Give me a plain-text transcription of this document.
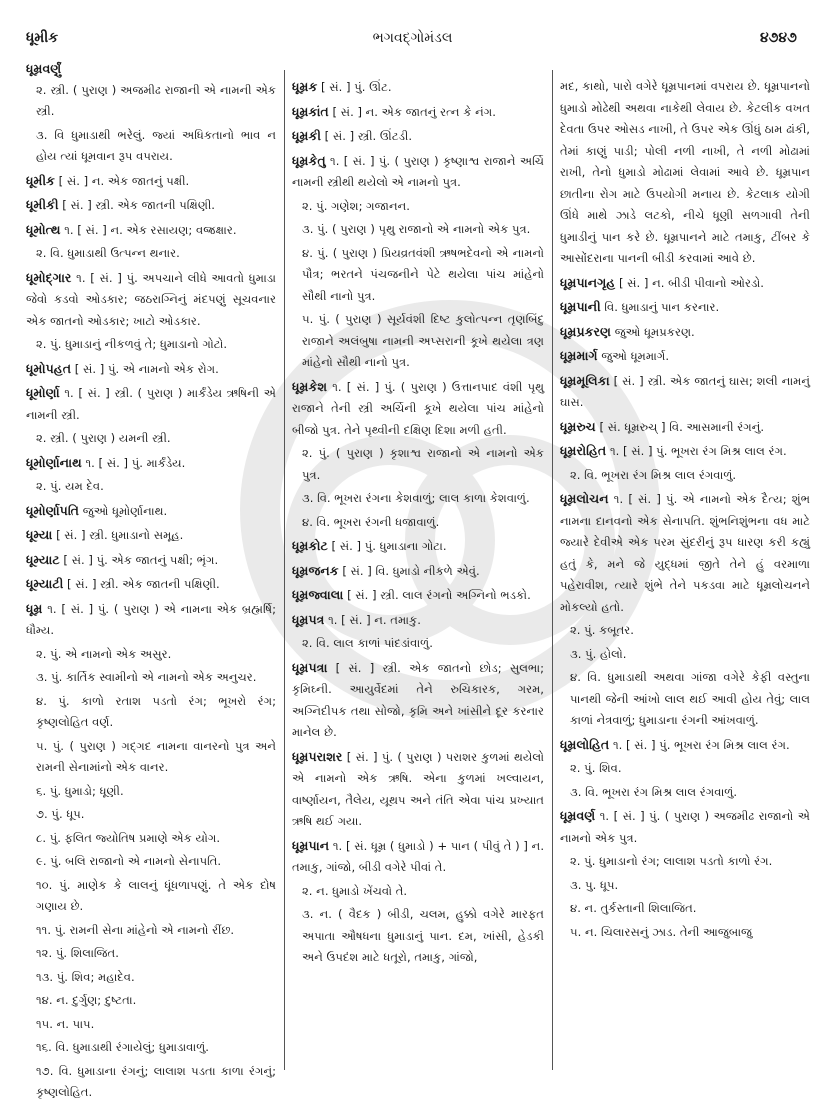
ધૂમીક	ભગવદ્ગોમંડલ	૪૭૪૭
ધૂમ્રવર્ણું
૨. સ્ત્રી. ( પુરાણ ) અજમીઢ રાજાની એ નામની એક સ્ત્રી.
૩. વિ ધુમાડાથી ભરેલું. જ્યાં અધિકતાનો ભાવ ન હોય ત્યાં ધૂમવાન રૂપ વપરાય.
ધૂમીક [ સં. ] ન. એક જાતનું પક્ષી.
ધૂમીકી [ સં. ] સ્ત્રી. એક જાતની પક્ષિણી.
ધૂમોત્થ ૧. [ સં. ] ન. એક રસાયણ; વજ્રક્ષાર.
૨. વિ. ધુમાડાથી ઉત્પન્ન થનાર.
ધૂમોદ્ગાર ૧. [ સં. ] પું. અપચાને લીધે આવતો ધુમાડા જેવો કડવો ઓડકાર; જઠરાગ્નિનું મંદપણું સૂચવનાર એક જાતનો ઓડકાર; ખાટો ઓડકાર.
૨. પું. ધુમાડાનું નીકળવું તે; ધુમાડાનો ગોટો.
ધૂમોપહત [ સં. ] પું. એ નામનો એક રોગ.
ધૂમોર્ણા ૧. [ સં. ] સ્ત્રી. ( પુરાણ ) માર્કંડેય ઋષિની એ નામની સ્ત્રી.
૨. સ્ત્રી. ( પુરાણ ) યમની સ્ત્રી.
ધૂમોર્ણાનાથ ૧. [ સં. ] પું. માર્કંડેય.
૨. પું. યમ દેવ.
ધૂમોર્ણાપતિ જુઓ ધૂમોર્ણાનાથ.
ધૂમ્યા [ સં. ] સ્ત્રી. ધુમાડાનો સમૂહ.
ધૂમ્યાટ [ સં. ] પું. એક જાતનું પક્ષી; ભૃંગ.
ધૂમ્યાટી [ સં. ] સ્ત્રી. એક જાતની પક્ષિણી.
ધૂમ્ર ૧. [ સં. ] પું. ( પુરાણ ) એ નામના એક બ્રહ્મર્ષિ; ધૌમ્ય.
૨. પું. એ નામનો એક અસુર.
૩. પું. કાર્તિક સ્વામીનો એ નામનો એક અનુચર.
૪. પું. કાળો રતાશ પડતો રંગ; ભૂખરો રંગ; કૃષ્ણલોહિત વર્ણ.
૫. પું. ( પુરાણ ) ગદ્ગદ નામના વાનરનો પુત્ર અને રામની સેનામાંનો એક વાનર.
૬. પું. ધુમાડો; ધૂણી.
૭. પું. ધૂપ.
૮. પું. ફલિત જ્યોતિષ પ્રમાણે એક યોગ.
૯. પું. બલિ રાજાનો એ નામનો સેનાપતિ.
૧૦. પું. માણેક કે લાલનું ધૂંધળાપણું. તે એક દોષ ગણાય છે.
૧૧. પું. રામની સેના માંહેનો એ નામનો રીંછ.
૧૨. પું. શિલાજિત.
૧૩. પું. શિવ; મહાદેવ.
૧૪. ન. દુર્ગુણ; દુષ્ટતા.
૧૫. ન. પાપ.
૧૬. વિ. ધુમાડાથી રંગાયેલું; ધુમાડાવાળું.
૧૭. વિ. ધુમાડાના રંગનું; લાલાશ પડતા કાળા રંગનું; કૃષ્ણલોહિત.
ધૂમ્રક [ સં. ] પું. ઊંટ.
ધૂમ્રકાંત [ સં. ] ન. એક જાતનું રત્ન કે નંગ.
ધૂમ્રકી [ સં. ] સ્ત્રી. ઊંટડી.
ધૂમ્રકેતુ ૧. [ સં. ] પું. ( પુરાણ ) કૃષ્ણાશ્વ રાજાને અર્ચિ નામની સ્ત્રીથી થયેલો એ નામનો પુત્ર.
૨. પું. ગણેશ; ગજાનન.
૩. પું. ( પુરાણ ) પૃથુ રાજાનો એ નામનો એક પુત્ર.
૪. પું. ( પુરાણ ) પ્રિયવ્રતવંશી ઋષભદેવનો એ નામનો પૌત્ર; ભરતને પંચજનીને પેટે થયેલા પાંચ માંહેનો સૌથી નાનો પુત્ર.
૫. પું. ( પુરાણ ) સૂર્યવંશી દિષ્ટ કુલોત્પન્ન તૃણબિંદુ રાજાને અલંબુષા નામની અપ્સરાની કૂખે થયેલા ત્રણ માંહેનો સૌથી નાનો પુત્ર.
ધૂમ્રકેશ ૧. [ સં. ] પું. ( પુરાણ ) ઉત્તાનપાદ વંશી પૃથુ રાજાને તેની સ્ત્રી અર્ચિની કૂખે થયેલા પાંચ માંહેનો બીજો પુત્ર. તેને પૃથ્વીની દક્ષિણ દિશા મળી હતી.
૨. પું. ( પુરાણ ) કૃશાશ્વ રાજાનો એ નામનો એક પુત્ર.
૩. વિ. ભૂખરા રંગના કેશવાળું; લાલ કાળા કેશવાળું.
૪. વિ. ભૂખરા રંગની ધજાવાળું.
ધૂમ્રકોટ [ સં. ] પું. ધુમાડાના ગોટા.
ધૂમ્રજનક [ સં. ] વિ. ધુમાડો નીકળે એવું.
ધૂમ્રજ્વાલા [ સં. ] સ્ત્રી. લાલ રંગનો અગ્નિનો ભડકો.
ધૂમ્રપત્ર ૧. [ સં. ] ન. તમાકુ.
૨. વિ. લાલ કાળાં પાંદડાંવાળું.
ધૂમ્રપત્રા [ સં. ] સ્ત્રી. એક જાતનો છોડ; સુલભા; કૃમિઘ્ની. આયુર્વેદમાં તેને રુચિકારક, ગરમ, અગ્નિદીપક તથા સોજો, કૃમિ અને ખાંસીને દૂર કરનાર માનેલ છે.
ધૂમ્રપરાશર [ સં. ] પું. ( પુરાણ ) પરાશર કુળમાં થયેલો એ નામનો એક ઋષિ. એના કુળમાં ખલ્વાયન, વાર્ષ્ણાયન, તૈલેય, યૂથપ અને તંતિ એવા પાંચ પ્રખ્યાત ઋષિ થઈ ગયા.
ધૂમ્રપાન ૧. [ સં. ધૂમ્ર ( ધુમાડો ) + પાન ( પીવું તે ) ] ન. તમાકુ, ગાંજો, બીડી વગેરે પીવાં તે.
૨. ન. ધુમાડો ખેંચવો તે.
૩. ન. ( વૈદક ) બીડી, ચલમ, હુક્કો વગેરે મારફત અપાતા ઔષધના ધુમાડાનું પાન. દમ, ખાંસી, હેડકી અને ઉપદંશ માટે ધતૂરો, તમાકુ, ગાંજો,
મદ, કાથો, પારો વગેરે ધૂમ્રપાનમાં વપરાય છે. ધૂમ્રપાનનો ધુમાડો મોઢેથી અથવા નાકેથી લેવાય છે. કેટલીક વખત દેવતા ઉપર ઓસડ નાખી, તે ઉપર એક ઊંધું ઠામ ઢાંકી, તેમાં કાણું પાડી; પોલી નળી નાખી, તે નળી મોઢામાં રાખી, તેનો ધુમાડો મોઢામાં લેવામાં આવે છે. ધૂમ્રપાન છાતીના રોગ માટે ઉપયોગી મનાય છે. કેટલાક યોગી ઊંધે માથે ઝાડે લટકો, નીચે ધૂણી સળગાવી તેની ધુમાડીનું પાન કરે છે. ધૂમ્રપાનને માટે તમાકુ, ટીંબર કે આસોંદરાના પાનની બીડી કરવામાં આવે છે.
ધૂમ્રપાનગૃહ [ સં. ] ન. બીડી પીવાનો ઓરડો.
ધૂમ્રપાની વિ. ધુમાડાનું પાન કરનાર.
ધૂમ્રપ્રકરણ જુઓ ધૂમપ્રકરણ.
ધૂમ્રમાર્ગ જુઓ ધૂમમાર્ગ.
ધૂમ્રમૂલિકા [ સં. ] સ્ત્રી. એક જાતનું ઘાસ; શલી નામનું ઘાસ.
ધૂમ્રરુચ [ સં. ધૂમ્રરુચ્ ] વિ. આસમાની રંગનું.
ધૂમ્રરોહિત ૧. [ સં. ] પું. ભૂખરા રંગ મિશ્ર લાલ રંગ.
૨. વિ. ભૂખરા રંગ મિશ્ર લાલ રંગવાળું.
ધૂમ્રલોચન ૧. [ સં. ] પું. એ નામનો એક દૈત્ય; શુંભ નામના દાનવનો એક સેનાપતિ. શુંભનિશુંભના વધ માટે જ્યારે દેવીએ એક પરમ સુંદરીનું રૂપ ધારણ કરી કહ્યું હતું કે, મને જે યુદ્ધમાં જીતે તેને હું વરમાળા પહેરાવીશ, ત્યારે શુંભે તેને પકડવા માટે ધૂમ્રલોચનને મોકલ્યો હતો.
૨. પું. કબૂતર.
૩. પું. હોલો.
૪. વિ. ધુમાડાથી અથવા ગાંજા વગેરે કેફી વસ્તુના પાનથી જેની આંખો લાલ થઈ આવી હોય તેવું; લાલ કાળાં નેત્રવાળું; ધુમાડાના રંગની આંખવાળું.
ધૂમ્રલોહિત ૧. [ સં. ] પું. ભૂખરા રંગ મિશ્ર લાલ રંગ.
૨. પું. શિવ.
૩. વિ. ભૂખરા રંગ મિશ્ર લાલ રંગવાળું.
ધૂમ્રવર્ણ ૧. [ સં. ] પું. ( પુરાણ ) અજમીઢ રાજાનો એ નામનો એક પુત્ર.
૨. પું. ધુમાડાનો રંગ; લાલાશ પડતો કાળો રંગ.
૩. પુ. ધૂપ.
૪. ન. તુર્કસ્તાની શિલાજિત.
૫. ન. ચિલારસનું ઝાડ. તેની આજુબાજુ
